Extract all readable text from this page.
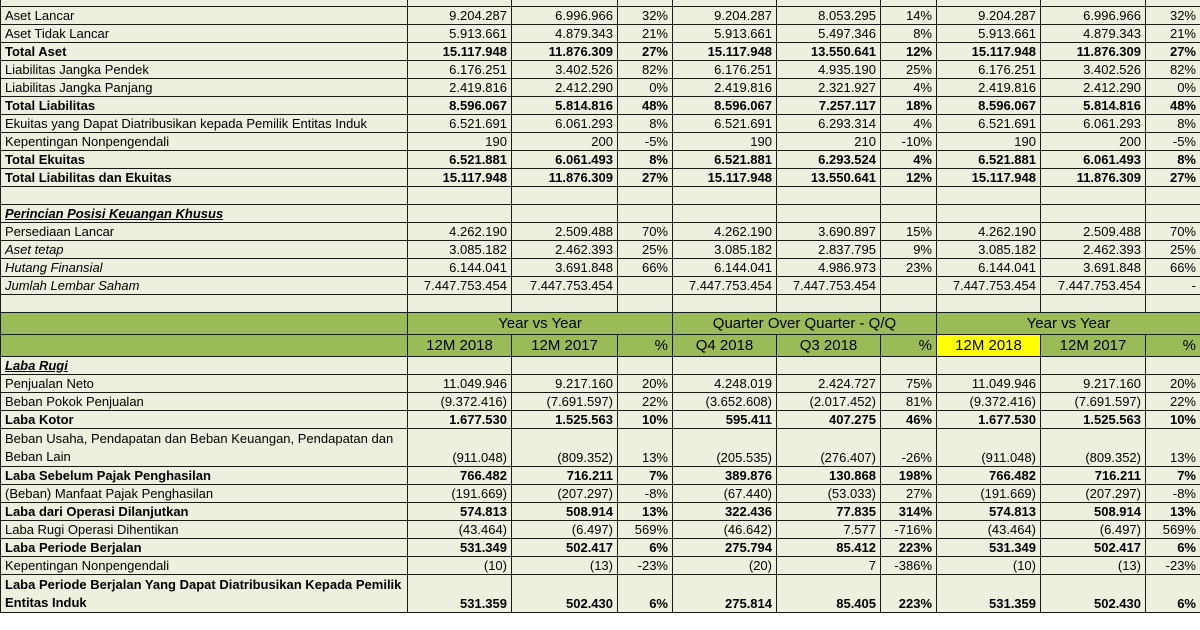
Aset Lancar	9.204.287	6.996.966	32%	9.204.287	8.053.295	14%	9.204.287	6.996.966	32%
Aset Tidak Lancar	5.913.661	4.879.343	21%	5.913.661	5.497.346	8%	5.913.661	4.879.343	21%
Total Aset	15.117.948	11.876.309	27%	15.117.948	13.550.641	12%	15.117.948	11.876.309	27%
Liabilitas Jangka Pendek	6.176.251	3.402.526	82%	6.176.251	4.935.190	25%	6.176.251	3.402.526	82%
Liabilitas Jangka Panjang	2.419.816	2.412.290	0%	2.419.816	2.321.927	4%	2.419.816	2.412.290	0%
Total Liabilitas	8.596.067	5.814.816	48%	8.596.067	7.257.117	18%	8.596.067	5.814.816	48%
Ekuitas yang Dapat Diatribusikan kepada Pemilik Entitas Induk	6.521.691	6.061.293	8%	6.521.691	6.293.314	4%	6.521.691	6.061.293	8%
Kepentingan Nonpengendali	190	200	-5%	190	210	-10%	190	200	-5%
Total Ekuitas	6.521.881	6.061.493	8%	6.521.881	6.293.524	4%	6.521.881	6.061.493	8%
Total Liabilitas dan Ekuitas	15.117.948	11.876.309	27%	15.117.948	13.550.641	12%	15.117.948	11.876.309	27%

Perincian Posisi Keuangan Khusus									
Persediaan Lancar	4.262.190	2.509.488	70%	4.262.190	3.690.897	15%	4.262.190	2.509.488	70%
Aset tetap	3.085.182	2.462.393	25%	3.085.182	2.837.795	9%	3.085.182	2.462.393	25%
Hutang Finansial	6.144.041	3.691.848	66%	6.144.041	4.986.973	23%	6.144.041	3.691.848	66%
Jumlah Lembar Saham	7.447.753.454	7.447.753.454		7.447.753.454	7.447.753.454		7.447.753.454	7.447.753.454	-

	Year vs Year			Quarter Over Quarter - Q/Q			Year vs Year		
	12M 2018	12M 2017	%	Q4 2018	Q3 2018	%	12M 2018	12M 2017	%
Laba Rugi									
Penjualan Neto	11.049.946	9.217.160	20%	4.248.019	2.424.727	75%	11.049.946	9.217.160	20%
Beban Pokok Penjualan	(9.372.416)	(7.691.597)	22%	(3.652.608)	(2.017.452)	81%	(9.372.416)	(7.691.597)	22%
Laba Kotor	1.677.530	1.525.563	10%	595.411	407.275	46%	1.677.530	1.525.563	10%
Beban Usaha, Pendapatan dan Beban Keuangan, Pendapatan dan Beban Lain	(911.048)	(809.352)	13%	(205.535)	(276.407)	-26%	(911.048)	(809.352)	13%
Laba Sebelum Pajak Penghasilan	766.482	716.211	7%	389.876	130.868	198%	766.482	716.211	7%
(Beban) Manfaat Pajak Penghasilan	(191.669)	(207.297)	-8%	(67.440)	(53.033)	27%	(191.669)	(207.297)	-8%
Laba dari Operasi Dilanjutkan	574.813	508.914	13%	322.436	77.835	314%	574.813	508.914	13%
Laba Rugi Operasi Dihentikan	(43.464)	(6.497)	569%	(46.642)	7.577	-716%	(43.464)	(6.497)	569%
Laba Periode Berjalan	531.349	502.417	6%	275.794	85.412	223%	531.349	502.417	6%
Kepentingan Nonpengendali	(10)	(13)	-23%	(20)	7	-386%	(10)	(13)	-23%
Laba Periode Berjalan Yang Dapat Diatribusikan Kepada Pemilik Entitas Induk	531.359	502.430	6%	275.814	85.405	223%	531.359	502.430	6%
